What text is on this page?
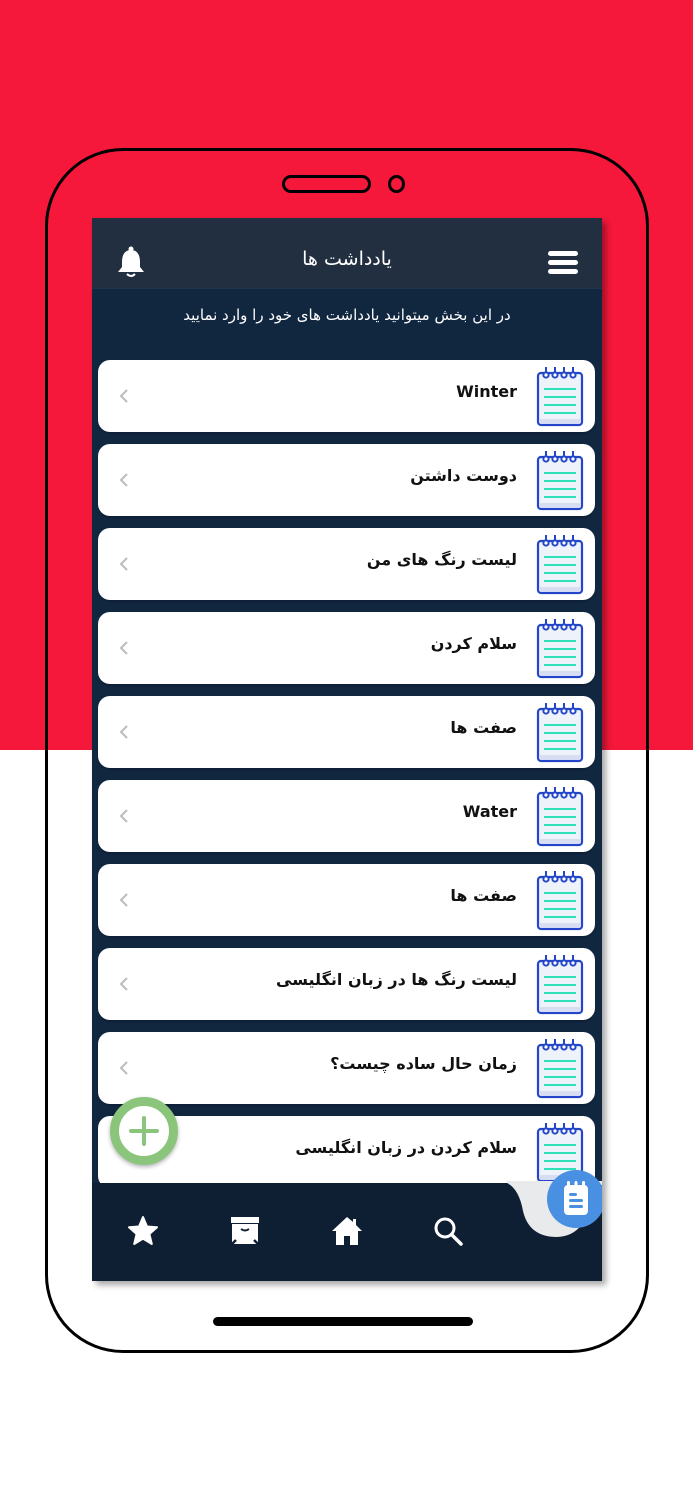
یادداشت ها
در این بخش میتوانید یادداشت های خود را وارد نمایید
Winter
دوست داشتن
لیست رنگ های من
سلام کردن
صفت ها
Water
صفت ها
لیست رنگ ها در زبان انگلیسی
زمان حال ساده چیست؟
سلام کردن در زبان انگلیسی
